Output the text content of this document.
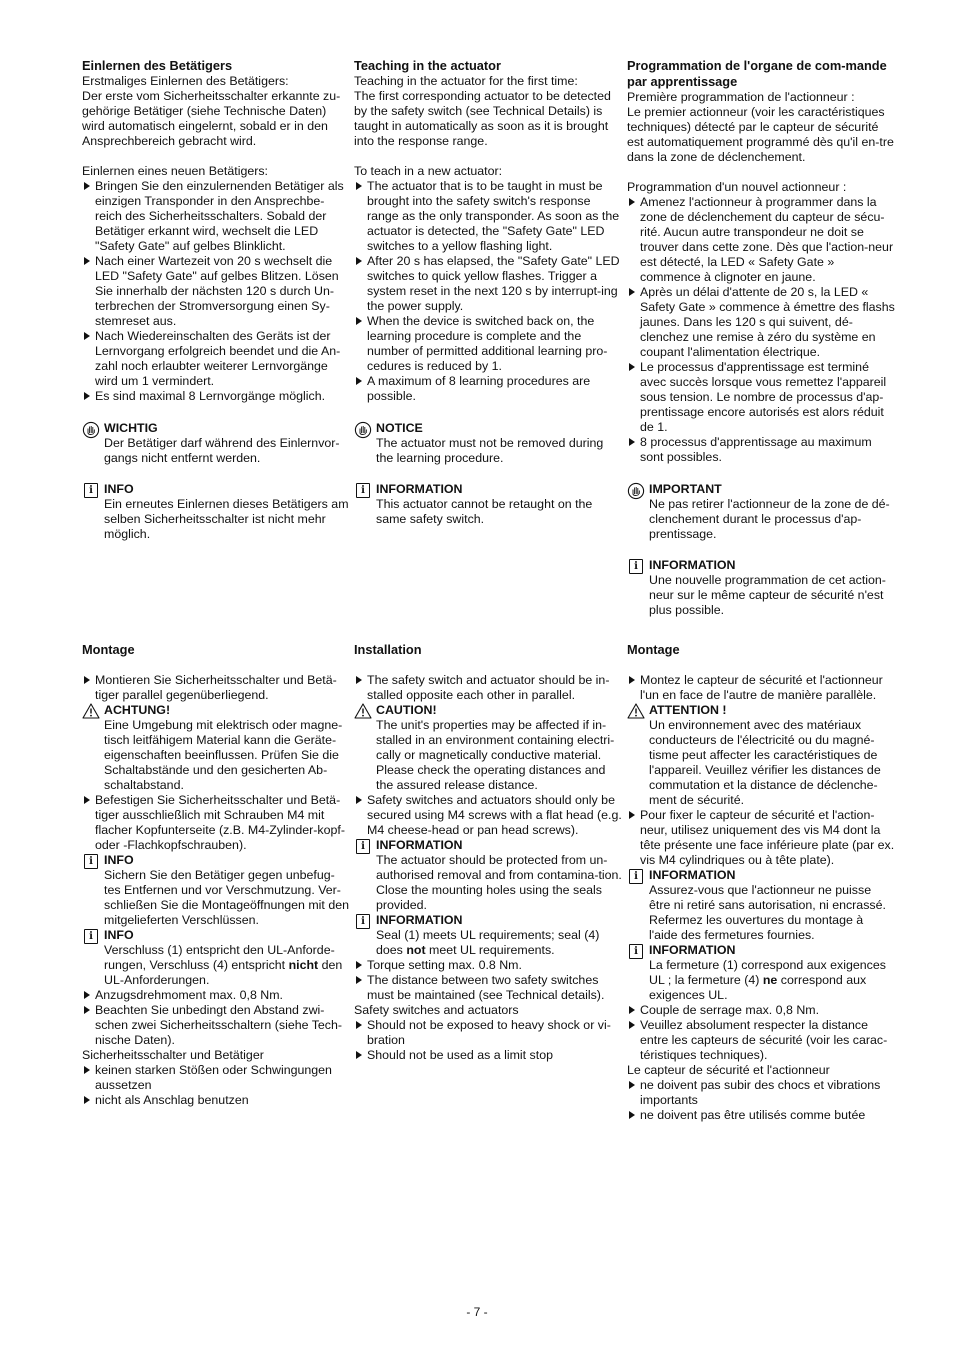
Einlernen des Betätigers

Erstmaliges Einlernen des Betätigers:

Der erste vom Sicherheitsschalter erkannte zu-gehörige Betätiger (siehe Technische Daten) wird automatisch eingelernt, sobald er in den Ansprechbereich gebracht wird.

Einlernen eines neuen Betätigers:

Bringen Sie den einzulernenden Betätiger als einzigen Transponder in den Ansprechbe-reich des Sicherheitsschalters. Sobald der Betätiger erkannt wird, wechselt die LED "Safety Gate" auf gelbes Blinklicht.
Nach einer Wartezeit von 20 s wechselt die LED "Safety Gate" auf gelbes Blitzen. Lösen Sie innerhalb der nächsten 120 s durch Un-terbrechen der Stromversorgung einen Sy-stemreset aus.
Nach Wiedereinschalten des Geräts ist der Lernvorgang erfolgreich beendet und die An-zahl noch erlaubter weiterer Lernvorgänge wird um 1 vermindert.
Es sind maximal 8 Lernvorgänge möglich.
WICHTIG
Der Betätiger darf während des Einlernvor-gangs nicht entfernt werden.
i INFO
Ein erneutes Einlernen dieses Betätigers am selben Sicherheitsschalter ist nicht mehr möglich.
Montage
Montieren Sie Sicherheitsschalter und Betä-tiger parallel gegenüberliegend.
ACHTUNG!
Eine Umgebung mit elektrisch oder magne-tisch leitfähigem Material kann die Geräte-eigenschaften beeinflussen. Prüfen Sie die Schaltabstände und den gesicherten Ab-schaltabstand.
Befestigen Sie Sicherheitsschalter und Betä-tiger ausschließlich mit Schrauben M4 mit flacher Kopfunterseite (z.B. M4-Zylinder-kopf- oder -Flachkopfschrauben).
i INFO
Sichern Sie den Betätiger gegen unbefug-tes Entfernen und vor Verschmutzung. Ver-schließen Sie die Montageöffnungen mit den mitgelieferten Verschlüssen.
i INFO
Verschluss (1) entspricht den UL-Anforde-rungen, Verschluss (4) entspricht nicht den UL-Anforderungen.
Anzugsdrehmoment max. 0,8 Nm.
Beachten Sie unbedingt den Abstand zwi-schen zwei Sicherheitsschaltern (siehe Tech-nische Daten).

Sicherheitsschalter und Betätiger

keinen starken Stößen oder Schwingungen aussetzen
nicht als Anschlag benutzen
Teaching in the actuator

Teaching in the actuator for the first time:

The first corresponding actuator to be detected by the safety switch (see Technical Details) is taught in automatically as soon as it is brought into the response range.

To teach in a new actuator:

The actuator that is to be taught in must be brought into the safety switch's response range as the only transponder. As soon as the actuator is detected, the "Safety Gate" LED switches to a yellow flashing light.
After 20 s has elapsed, the "Safety Gate" LED switches to quick yellow flashes. Trigger a system reset in the next 120 s by interrupt-ing the power supply.
When the device is switched back on, the learning procedure is complete and the number of permitted additional learning pro-cedures is reduced by 1.
A maximum of 8 learning procedures are possible.
NOTICE
The actuator must not be removed during the learning procedure.
i INFORMATION
This actuator cannot be retaught on the same safety switch.
Installation
The safety switch and actuator should be in-stalled opposite each other in parallel.
CAUTION!
The unit's properties may be affected if in-stalled in an environment containing electri-cally or magnetically conductive material. Please check the operating distances and the assured release distance.
Safety switches and actuators should only be secured using M4 screws with a flat head (e.g. M4 cheese-head or pan head screws).
i INFORMATION
The actuator should be protected from un-authorised removal and from contamina-tion. Close the mounting holes using the seals provided.
i INFORMATION
Seal (1) meets UL requirements; seal (4) does not meet UL requirements.
Torque setting max. 0.8 Nm.
The distance between two safety switches must be maintained (see Technical details).

Safety switches and actuators

Should not be exposed to heavy shock or vi-bration
Should not be used as a limit stop
Programmation de l'organe de com-mande par apprentissage

Première programmation de l'actionneur :

Le premier actionneur (voir les caractéristiques techniques) détecté par le capteur de sécurité est automatiquement programmé dès qu'il en-tre dans la zone de déclenchement.

Programmation d'un nouvel actionneur :

Amenez l'actionneur à programmer dans la zone de déclenchement du capteur de sécu-rité. Aucun autre transpondeur ne doit se trouver dans cette zone. Dès que l'action-neur est détecté, la LED « Safety Gate » commence à clignoter en jaune.
Après un délai d'attente de 20 s, la LED « Safety Gate » commence à émettre des flashs jaunes. Dans les 120 s qui suivent, dé-clenchez une remise à zéro du système en coupant l'alimentation électrique.
Le processus d'apprentissage est terminé avec succès lorsque vous remettez l'appareil sous tension. Le nombre de processus d'ap-prentissage encore autorisés est alors réduit de 1.
8 processus d'apprentissage au maximum sont possibles.
IMPORTANT
Ne pas retirer l'actionneur de la zone de dé-clenchement durant le processus d'ap-prentissage.
i INFORMATION
Une nouvelle programmation de cet action-neur sur le même capteur de sécurité n'est plus possible.
Montage
Montez le capteur de sécurité et l'actionneur l'un en face de l'autre de manière parallèle.
ATTENTION !
Un environnement avec des matériaux conducteurs de l'électricité ou du magné-tisme peut affecter les caractéristiques de l'appareil. Veuillez vérifier les distances de commutation et la distance de déclenche-ment de sécurité.
Pour fixer le capteur de sécurité et l'action-neur, utilisez uniquement des vis M4 dont la tête présente une face inférieure plate (par ex. vis M4 cylindriques ou à tête plate).
i INFORMATION
Assurez-vous que l'actionneur ne puisse être ni retiré sans autorisation, ni encrassé. Refermez les ouvertures du montage à l'aide des fermetures fournies.
i INFORMATION
La fermeture (1) correspond aux exigences UL ; la fermeture (4) ne correspond aux exigences UL.
Couple de serrage max. 0,8 Nm.
Veuillez absolument respecter la distance entre les capteurs de sécurité (voir les carac-téristiques techniques).

Le capteur de sécurité et l'actionneur

ne doivent pas subir des chocs et vibrations importants
ne doivent pas être utilisés comme butée
- 7 -
